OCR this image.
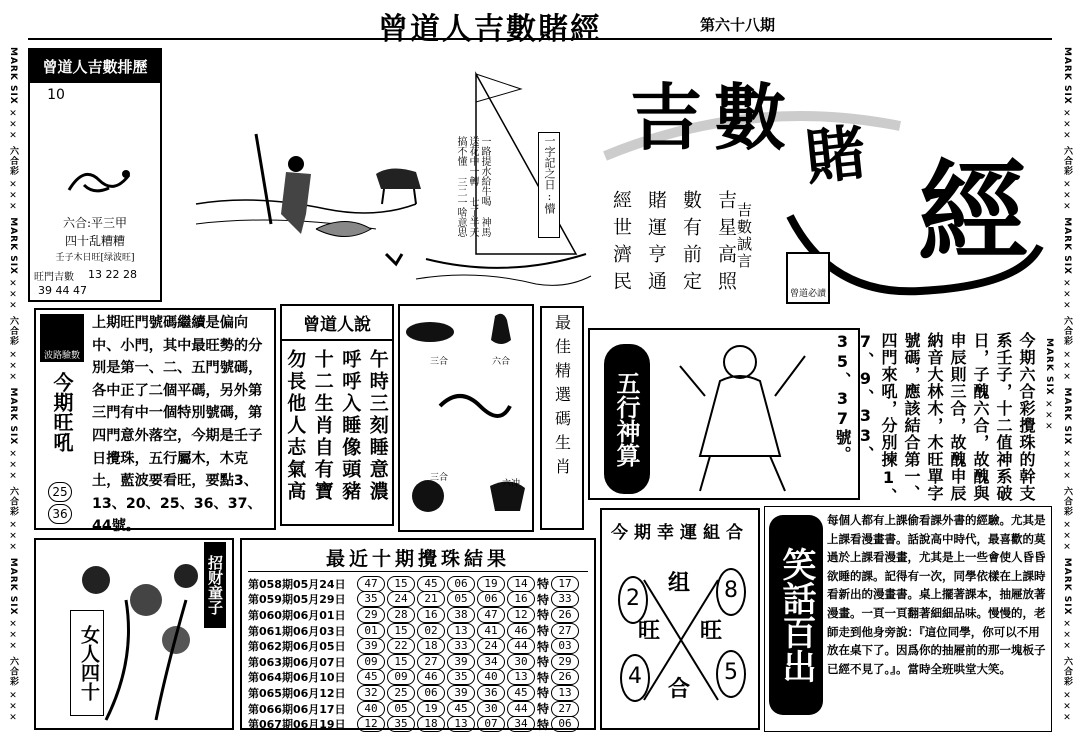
MARK SIX ✕✕✕ 六合彩 ✕✕✕ MARK SIX ✕✕✕ 六合彩 ✕✕✕ MARK SIX ✕✕✕ 六合彩 ✕✕✕ MARK SIX ✕✕✕ 六合彩 ✕✕✕	MARK SIX ✕✕✕ 六合彩 ✕✕✕ MARK SIX ✕✕✕ 六合彩 ✕✕✕ MARK SIX ✕✕✕ 六合彩 ✕✕✕ MARK SIX ✕✕✕ 六合彩 ✕✕✕ MARK SIX ✕✕✕
曾道人吉數賭經	第六十八期
曾道人吉數排歷
10
六合:平三甲
四十乱糟糟
壬子木日旺[绿波旺]
旺門吉數 13 22 28
39 44 47
一路提水給牛喝 神馬送花中一轉 七了半天搞不懂 三二一啥意思	一字記之日:懵
吉 數 賭 經
吉數誠言
曾道必讀
經世濟民 賭運亨通 數有前定 吉星高照
波路驗數
今期旺吼
25
36
上期旺門號碼繼續是偏向中、小門，其中最旺勢的分別是第一、二、五門號碼，各中正了二個平碼，另外第三門有中一個特別號碼，第四門意外落空，今期是壬子日攪珠，五行屬木，木克土，藍波要看旺，要點3、13、20、25、36、37、44號。
曾道人說
午時三刻睡意濃
呼呼入睡像頭豬
十二生肖自有寶
勿長他人志氣高	三合	六合
三合
六冲
最佳精選碼生肖	五行神算	今期六合彩攪珠的幹支系壬子，十二值神系破日，子醜六合，故醜與申辰則三合，故醜申辰納音大林木，木旺單字號碼，應該結合第一、四門來吼，分別揀1、7、9、33、35、37號。
今期幸運組合
2	8
4	5
组
合
旺 旺 笑話百出
每個人都有上課偷看課外書的經驗。尤其是上課看漫畫書。話說高中時代，最喜歡的莫過於上課看漫畫，尤其是上一些會使人昏昏欲睡的課。記得有一次，同學依樣在上課時看新出的漫畫書。桌上擺著課本，抽屜放著漫畫。一頁一頁翻著細細品味。慢慢的，老師走到他身旁說：『這位同學，你可以不用放在桌下了。因爲你的抽屜前的那一塊板子已經不見了。』。當時全班哄堂大笑。
招财童子
女人四十
最近十期攪珠結果
第058期05月24日	47	15	45	06	19	14 特 17
第059期05月29日	35	24	21	05	06	16 特 33
第060期06月01日	29	28	16	38	47	12 特 26
第061期06月03日	01	15	02	13	41	46 特 27
第062期06月05日	39	22	18	33	24	44 特 03
第063期06月07日	09	15	27	39	34	30 特 29
第064期06月10日	45	09	46	35	40	13 特 26
第065期06月12日	32	25	06	39	36	45 特 13
第066期06月17日	40	05	19	45	30	44 特 27
第067期06月19日	12	35	18	13	07	34 特 06
